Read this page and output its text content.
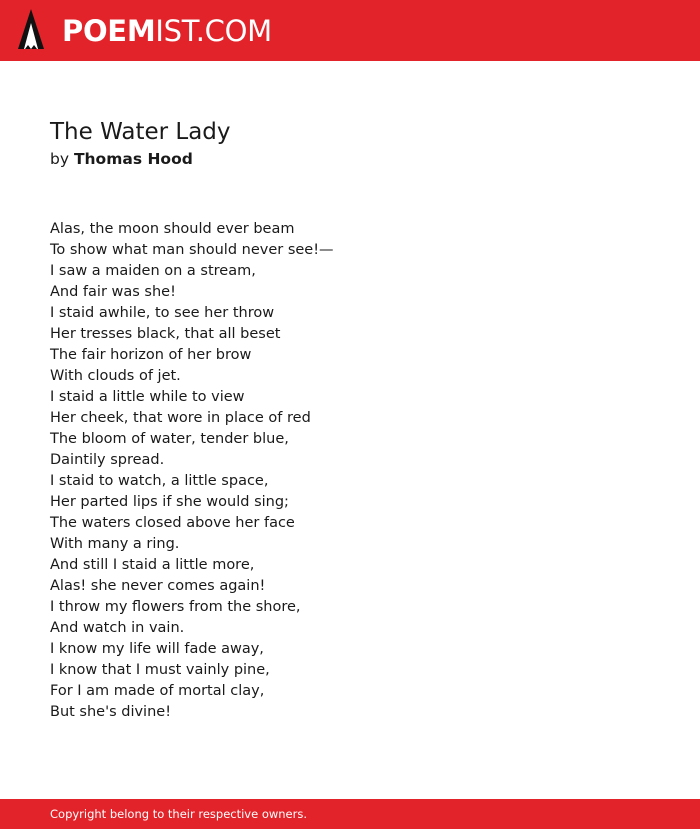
POEMIST.COM
The Water Lady
by Thomas Hood
Alas, the moon should ever beam
To show what man should never see!—
I saw a maiden on a stream,
And fair was she!
I staid awhile, to see her throw
Her tresses black, that all beset
The fair horizon of her brow
With clouds of jet.
I staid a little while to view
Her cheek, that wore in place of red
The bloom of water, tender blue,
Daintily spread.
I staid to watch, a little space,
Her parted lips if she would sing;
The waters closed above her face
With many a ring.
And still I staid a little more,
Alas! she never comes again!
I throw my flowers from the shore,
And watch in vain.
I know my life will fade away,
I know that I must vainly pine,
For I am made of mortal clay,
But she's divine!
Copyright belong to their respective owners.
